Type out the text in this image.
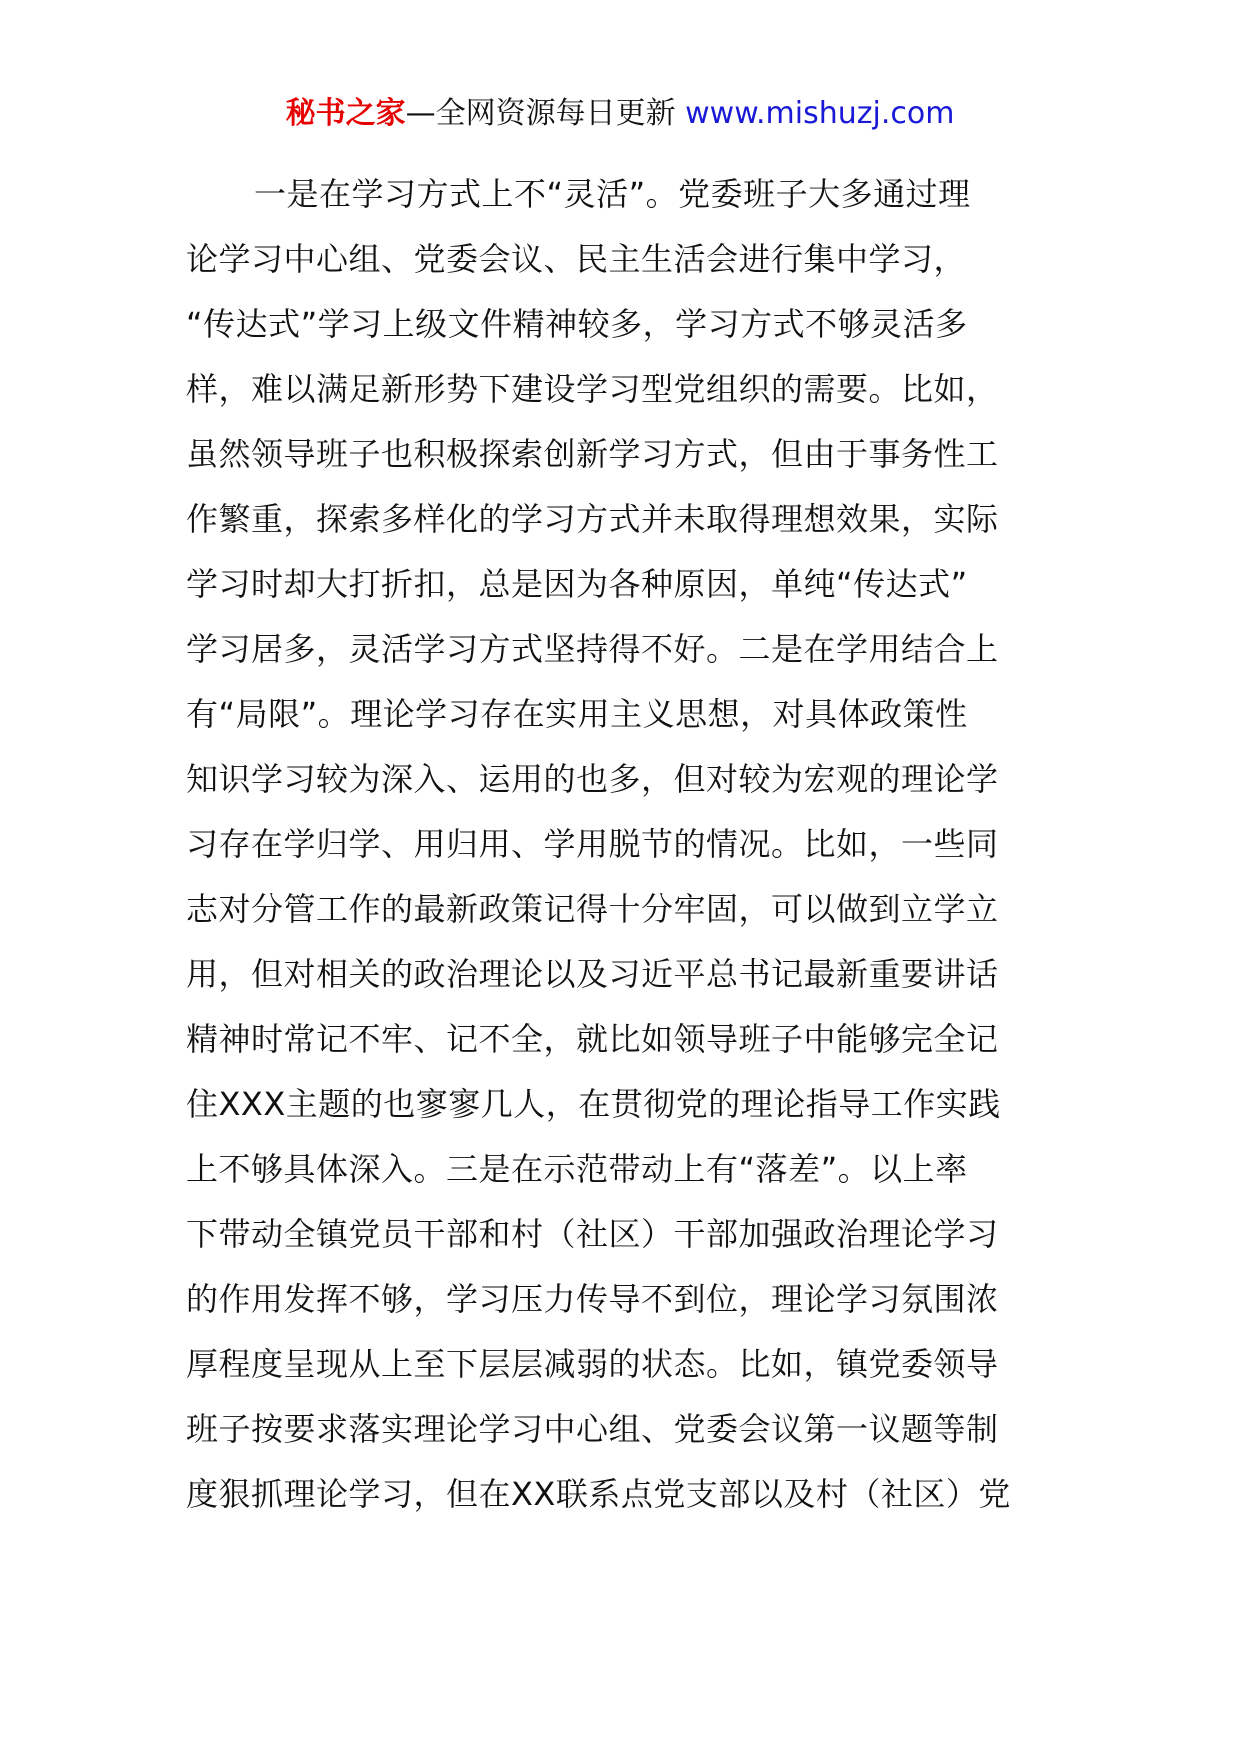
秘书之家—全网资源每日更新 www.mishuzj.com
一是在学习方式上不“灵活”。党委班子大多通过理
论学习中心组、党委会议、民主生活会进行集中学习，
“传达式”学习上级文件精神较多，学习方式不够灵活多
样，难以满足新形势下建设学习型党组织的需要。比如，
虽然领导班子也积极探索创新学习方式，但由于事务性工
作繁重，探索多样化的学习方式并未取得理想效果，实际
学习时却大打折扣，总是因为各种原因，单纯“传达式”
学习居多，灵活学习方式坚持得不好。二是在学用结合上
有“局限”。理论学习存在实用主义思想，对具体政策性
知识学习较为深入、运用的也多，但对较为宏观的理论学
习存在学归学、用归用、学用脱节的情况。比如，一些同
志对分管工作的最新政策记得十分牢固，可以做到立学立
用，但对相关的政治理论以及习近平总书记最新重要讲话
精神时常记不牢、记不全，就比如领导班子中能够完全记
住XXX主题的也寥寥几人，在贯彻党的理论指导工作实践
上不够具体深入。三是在示范带动上有“落差”。以上率
下带动全镇党员干部和村（社区）干部加强政治理论学习
的作用发挥不够，学习压力传导不到位，理论学习氛围浓
厚程度呈现从上至下层层减弱的状态。比如，镇党委领导
班子按要求落实理论学习中心组、党委会议第一议题等制
度狠抓理论学习，但在XX联系点党支部以及村（社区）党
